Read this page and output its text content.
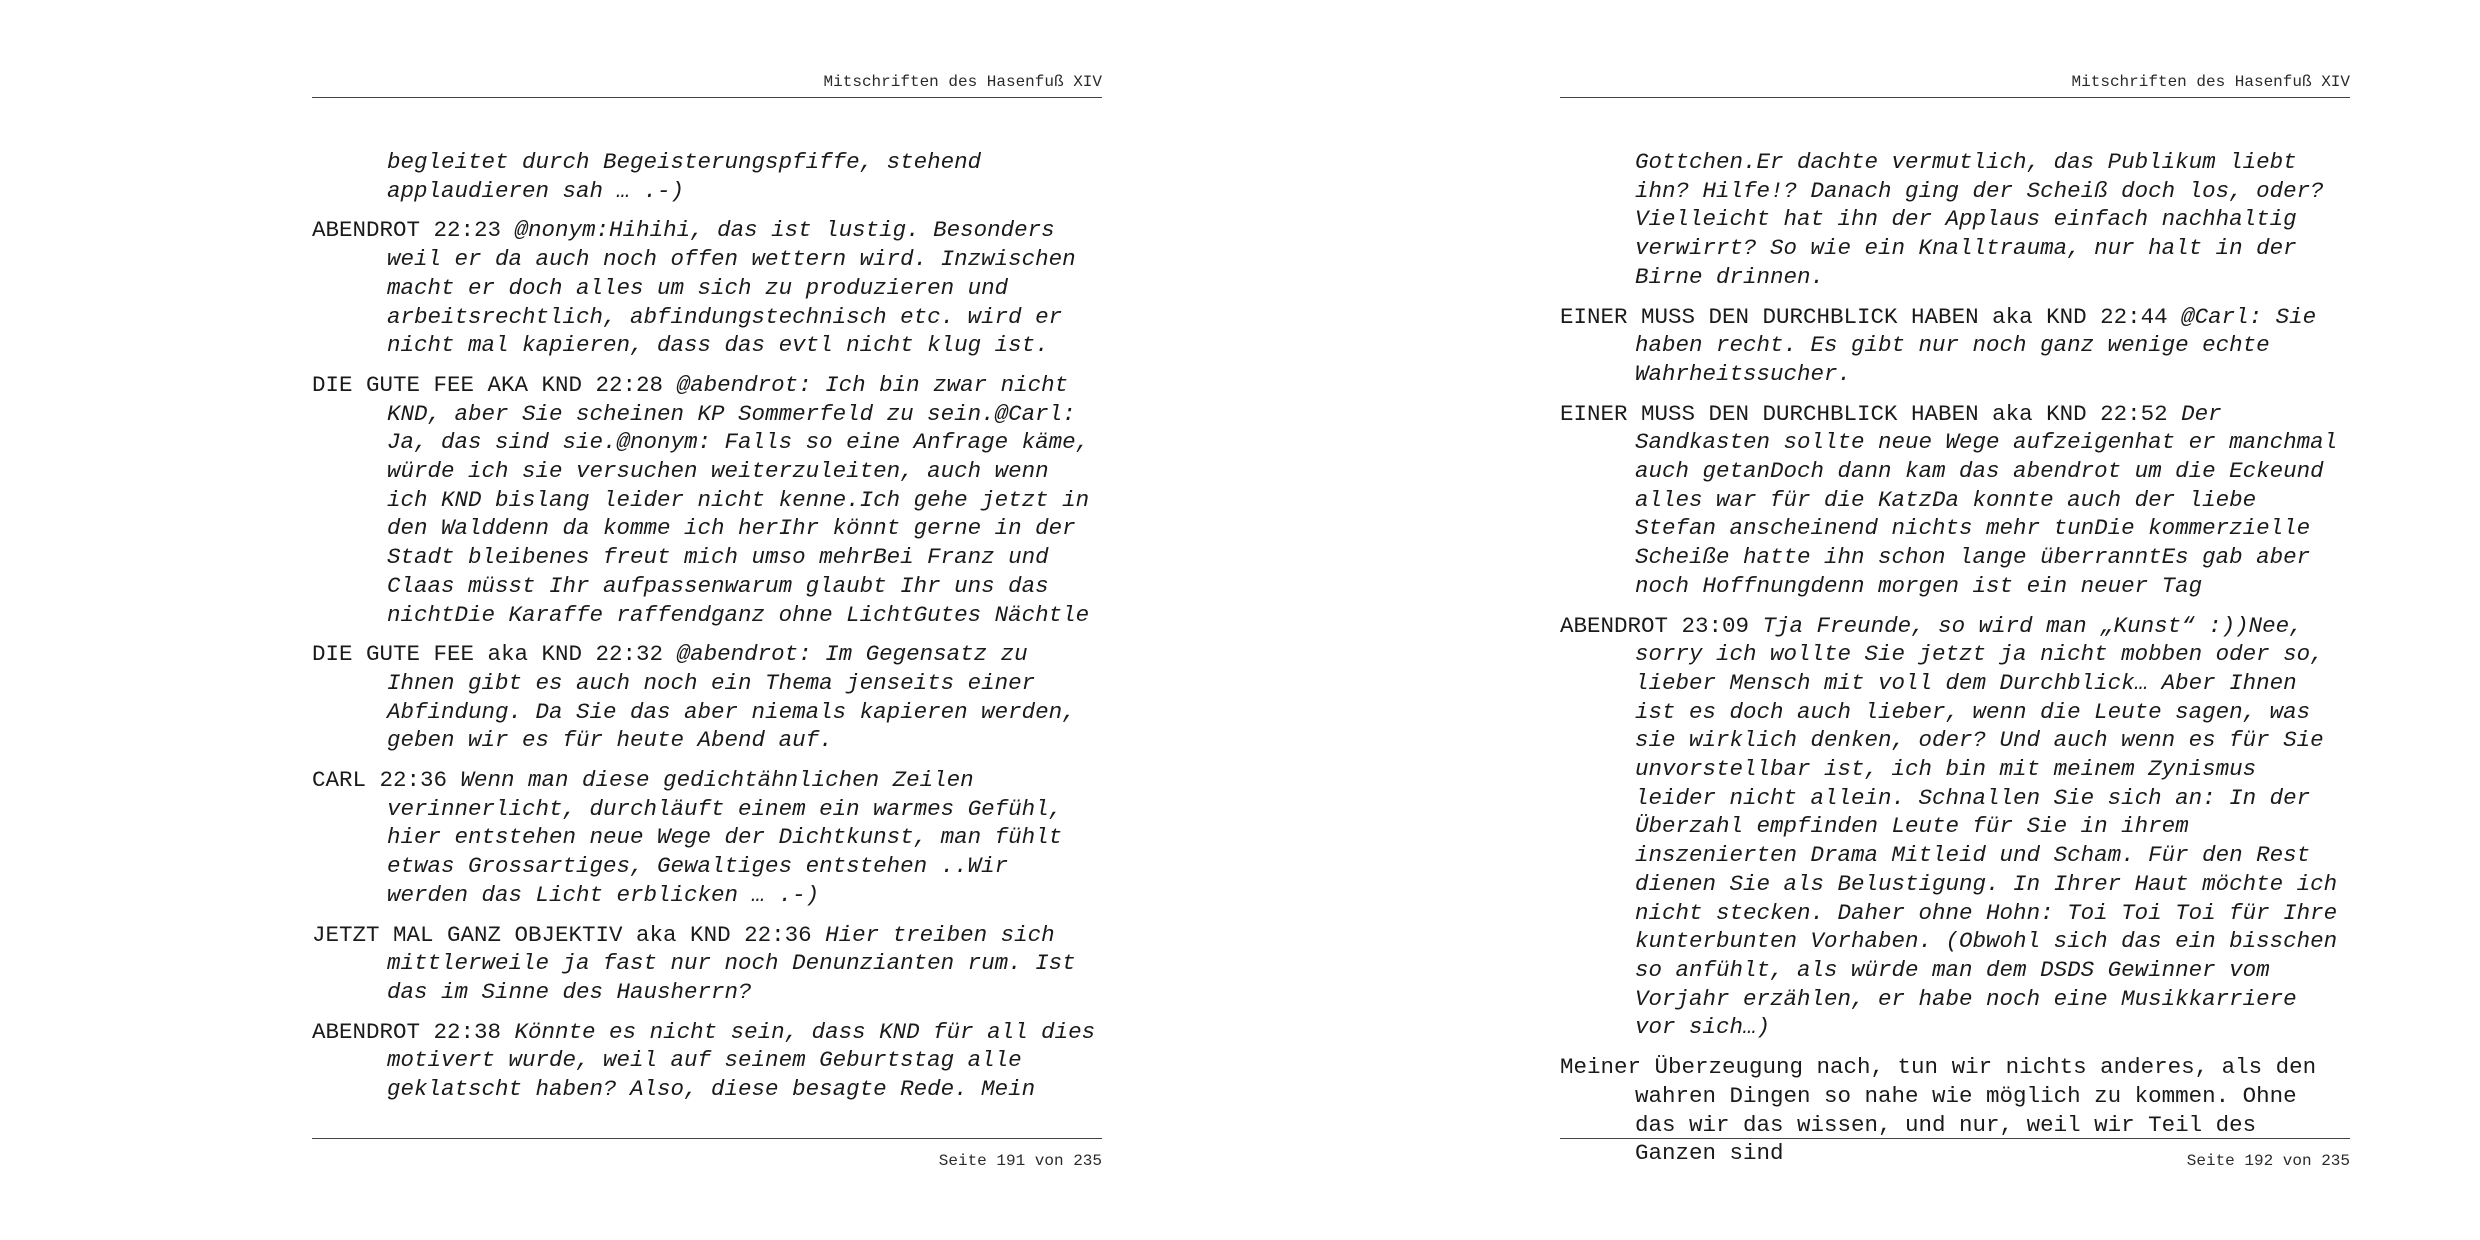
Mitschriften des Hasenfuß XIV

begleitet durch Begeisterungspfiffe, stehend applaudieren sah … .-)

ABENDROT 22:23 @nonym:Hihihi, das ist lustig. Besonders weil er da auch noch offen wettern wird. Inzwischen macht er doch alles um sich zu produzieren und arbeitsrechtlich, abfindungstechnisch etc. wird er nicht mal kapieren, dass das evtl nicht klug ist.

DIE GUTE FEE AKA KND 22:28 @abendrot: Ich bin zwar nicht KND, aber Sie scheinen KP Sommerfeld zu sein.@Carl: Ja, das sind sie.@nonym: Falls so eine Anfrage käme, würde ich sie versuchen weiterzuleiten, auch wenn ich KND bislang leider nicht kenne.Ich gehe jetzt in den Walddenn da komme ich herIhr könnt gerne in der Stadt bleibenes freut mich umso mehrBei Franz und Claas müsst Ihr aufpassenwarum glaubt Ihr uns das nichtDie Karaffe raffendganz ohne LichtGutes Nächtle

DIE GUTE FEE aka KND 22:32 @abendrot: Im Gegensatz zu Ihnen gibt es auch noch ein Thema jenseits einer Abfindung. Da Sie das aber niemals kapieren werden, geben wir es für heute Abend auf.

CARL 22:36 Wenn man diese gedichtähnlichen Zeilen verinnerlicht, durchläuft einem ein warmes Gefühl, hier entstehen neue Wege der Dichtkunst, man fühlt etwas Grossartiges, Gewaltiges entstehen ..Wir werden das Licht erblicken … .-)

JETZT MAL GANZ OBJEKTIV aka KND 22:36 Hier treiben sich mittlerweile ja fast nur noch Denunzianten rum. Ist das im Sinne des Hausherrn?

ABENDROT 22:38 Könnte es nicht sein, dass KND für all dies motivert wurde, weil auf seinem Geburtstag alle geklatscht haben? Also, diese besagte Rede. Mein

Seite 191 von 235
Mitschriften des Hasenfuß XIV

Gottchen.Er dachte vermutlich, das Publikum liebt ihn? Hilfe!? Danach ging der Scheiß doch los, oder? Vielleicht hat ihn der Applaus einfach nachhaltig verwirrt? So wie ein Knalltrauma, nur halt in der Birne drinnen.

EINER MUSS DEN DURCHBLICK HABEN aka KND 22:44 @Carl: Sie haben recht. Es gibt nur noch ganz wenige echte Wahrheitssucher.

EINER MUSS DEN DURCHBLICK HABEN aka KND 22:52 Der Sandkasten sollte neue Wege aufzeigenhat er manchmal auch getanDoch dann kam das abendrot um die Eckeund alles war für die KatzDa konnte auch der liebe Stefan anscheinend nichts mehr tunDie kommerzielle Scheiße hatte ihn schon lange überranntEs gab aber noch Hoffnungdenn morgen ist ein neuer Tag

ABENDROT 23:09 Tja Freunde, so wird man „Kunst“ :))Nee, sorry ich wollte Sie jetzt ja nicht mobben oder so, lieber Mensch mit voll dem Durchblick… Aber Ihnen ist es doch auch lieber, wenn die Leute sagen, was sie wirklich denken, oder? Und auch wenn es für Sie unvorstellbar ist, ich bin mit meinem Zynismus leider nicht allein. Schnallen Sie sich an: In der Überzahl empfinden Leute für Sie in ihrem inszenierten Drama Mitleid und Scham. Für den Rest dienen Sie als Belustigung. In Ihrer Haut möchte ich nicht stecken. Daher ohne Hohn: Toi Toi Toi für Ihre kunterbunten Vorhaben. (Obwohl sich das ein bisschen so anfühlt, als würde man dem DSDS Gewinner vom Vorjahr erzählen, er habe noch eine Musikkarriere vor sich…)

Meiner Überzeugung nach, tun wir nichts anderes, als den wahren Dingen so nahe wie möglich zu kommen. Ohne das wir das wissen, und nur, weil wir Teil des Ganzen sind	Seite 192 von 235
